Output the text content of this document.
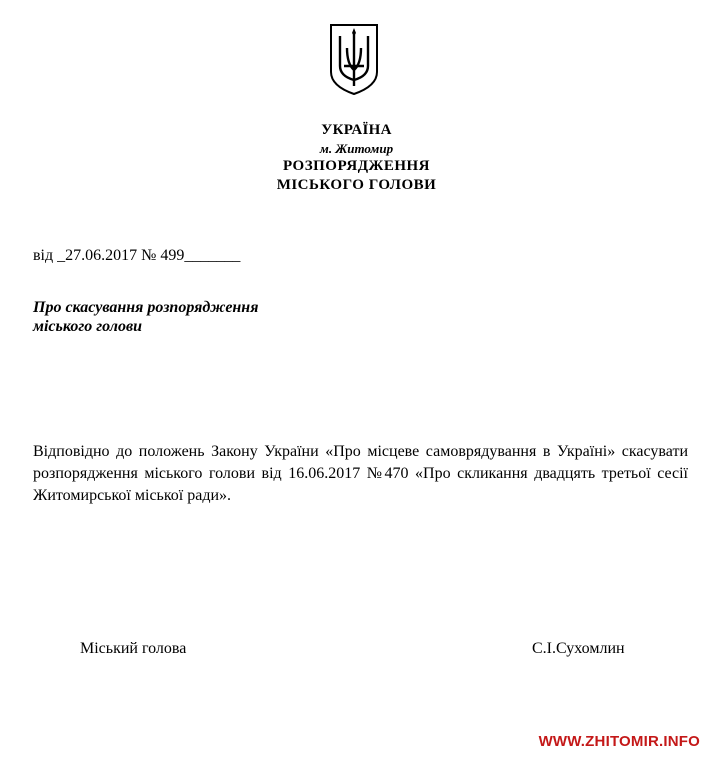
УКРАЇНА
м. Житомир
РОЗПОРЯДЖЕННЯ
МІСЬКОГО ГОЛОВИ
від _27.06.2017 № 499_______
Про скасування розпорядження
міського голови
Відповідно до положень Закону України «Про місцеве самоврядування в Україні» скасувати розпорядження міського голови від 16.06.2017 №470 «Про скликання двадцять третьої сесії Житомирської міської ради».
Міський голова	С.І.Сухомлин
WWW.ZHITOMIR.INFO
